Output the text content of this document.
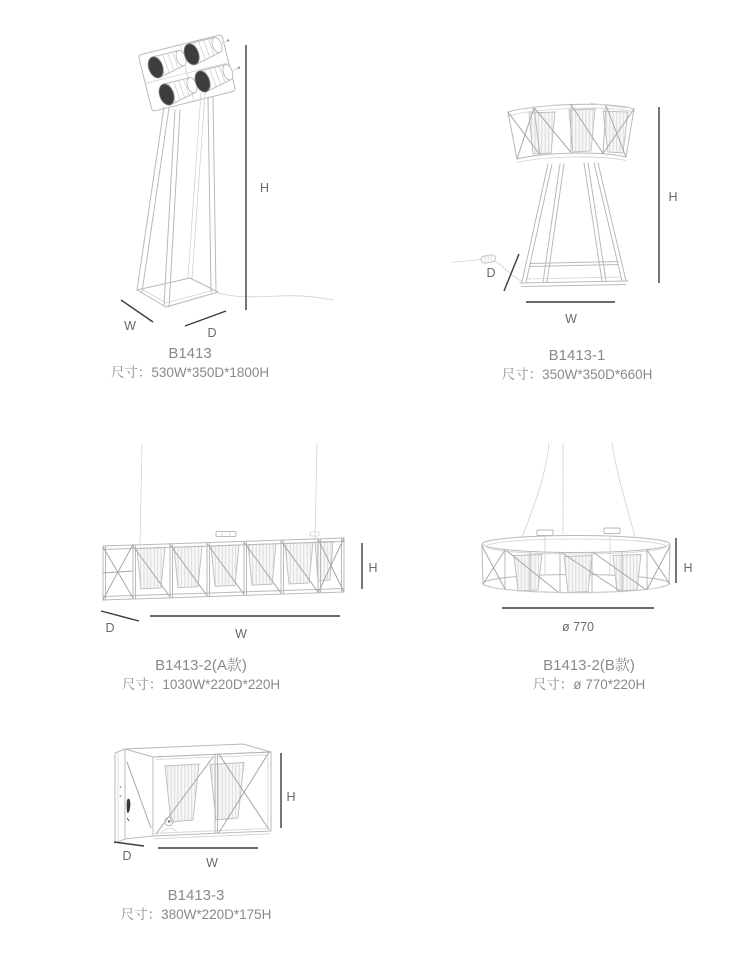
H
W	D
H
D
W
H
D	W
H
ø 770
H
D	W
B1413
尺寸：530W*350D*1800H
B1413-1
尺寸：350W*350D*660H
B1413-2(A款)
尺寸：1030W*220D*220H
B1413-2(B款)
尺寸：ø 770*220H
B1413-3
尺寸：380W*220D*175H
